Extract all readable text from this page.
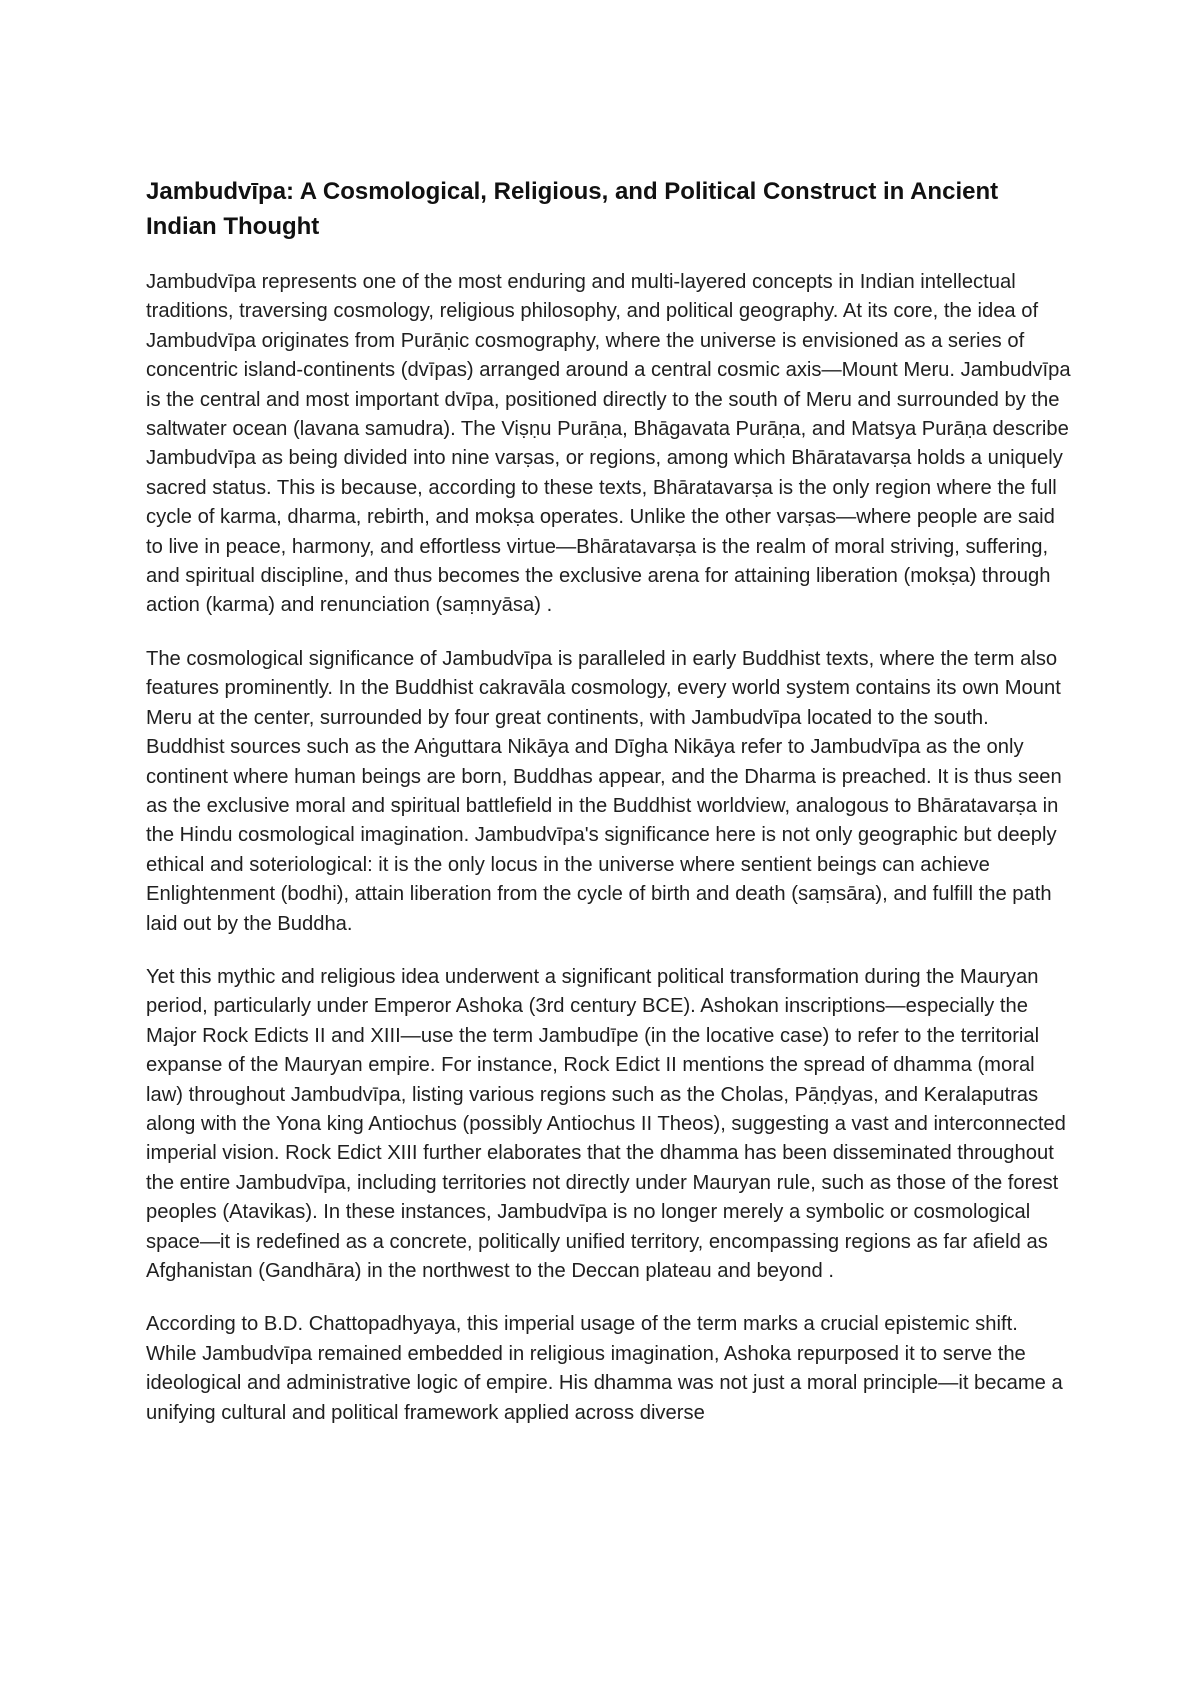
Jambudvīpa: A Cosmological, Religious, and Political Construct in Ancient Indian Thought

Jambudvīpa represents one of the most enduring and multi-layered concepts in Indian intellectual traditions, traversing cosmology, religious philosophy, and political geography. At its core, the idea of Jambudvīpa originates from Purāṇic cosmography, where the universe is envisioned as a series of concentric island-continents (dvīpas) arranged around a central cosmic axis—Mount Meru. Jambudvīpa is the central and most important dvīpa, positioned directly to the south of Meru and surrounded by the saltwater ocean (lavana samudra). The Viṣṇu Purāṇa, Bhāgavata Purāṇa, and Matsya Purāṇa describe Jambudvīpa as being divided into nine varṣas, or regions, among which Bhāratavarṣa holds a uniquely sacred status. This is because, according to these texts, Bhāratavarṣa is the only region where the full cycle of karma, dharma, rebirth, and mokṣa operates. Unlike the other varṣas—where people are said to live in peace, harmony, and effortless virtue—Bhāratavarṣa is the realm of moral striving, suffering, and spiritual discipline, and thus becomes the exclusive arena for attaining liberation (mokṣa) through action (karma) and renunciation (saṃnyāsa) .

The cosmological significance of Jambudvīpa is paralleled in early Buddhist texts, where the term also features prominently. In the Buddhist cakravāla cosmology, every world system contains its own Mount Meru at the center, surrounded by four great continents, with Jambudvīpa located to the south. Buddhist sources such as the Aṅguttara Nikāya and Dīgha Nikāya refer to Jambudvīpa as the only continent where human beings are born, Buddhas appear, and the Dharma is preached. It is thus seen as the exclusive moral and spiritual battlefield in the Buddhist worldview, analogous to Bhāratavarṣa in the Hindu cosmological imagination. Jambudvīpa's significance here is not only geographic but deeply ethical and soteriological: it is the only locus in the universe where sentient beings can achieve Enlightenment (bodhi), attain liberation from the cycle of birth and death (saṃsāra), and fulfill the path laid out by the Buddha.

Yet this mythic and religious idea underwent a significant political transformation during the Mauryan period, particularly under Emperor Ashoka (3rd century BCE). Ashokan inscriptions—especially the Major Rock Edicts II and XIII—use the term Jambudīpe (in the locative case) to refer to the territorial expanse of the Mauryan empire. For instance, Rock Edict II mentions the spread of dhamma (moral law) throughout Jambudvīpa, listing various regions such as the Cholas, Pāṇḍyas, and Keralaputras along with the Yona king Antiochus (possibly Antiochus II Theos), suggesting a vast and interconnected imperial vision. Rock Edict XIII further elaborates that the dhamma has been disseminated throughout the entire Jambudvīpa, including territories not directly under Mauryan rule, such as those of the forest peoples (Atavikas). In these instances, Jambudvīpa is no longer merely a symbolic or cosmological space—it is redefined as a concrete, politically unified territory, encompassing regions as far afield as Afghanistan (Gandhāra) in the northwest to the Deccan plateau and beyond .

According to B.D. Chattopadhyaya, this imperial usage of the term marks a crucial epistemic shift. While Jambudvīpa remained embedded in religious imagination, Ashoka repurposed it to serve the ideological and administrative logic of empire. His dhamma was not just a moral principle—it became a unifying cultural and political framework applied across diverse
